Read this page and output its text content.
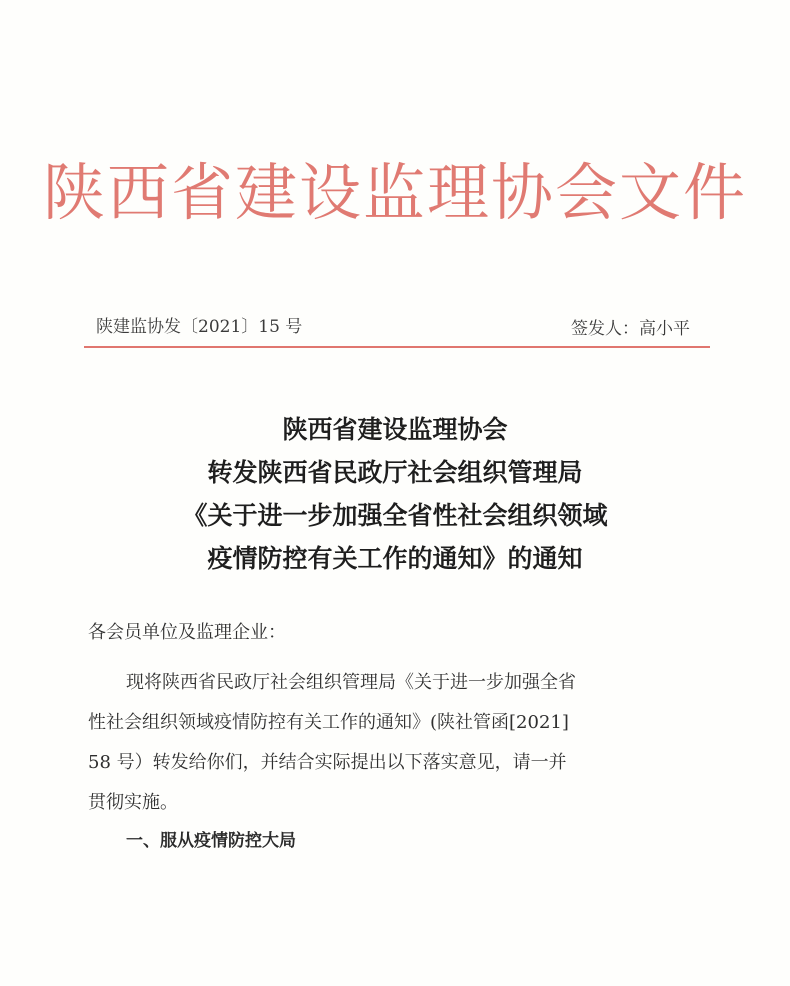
陕西省建设监理协会文件
陕建监协发〔2021〕15 号	签发人：高小平
陕西省建设监理协会
转发陕西省民政厅社会组织管理局
《关于进一步加强全省性社会组织领域
疫情防控有关工作的通知》的通知
各会员单位及监理企业：
现将陕西省民政厅社会组织管理局《关于进一步加强全省
性社会组织领域疫情防控有关工作的通知》(陕社管函[2021]
58 号）转发给你们，并结合实际提出以下落实意见，请一并
贯彻实施。
一、服从疫情防控大局
